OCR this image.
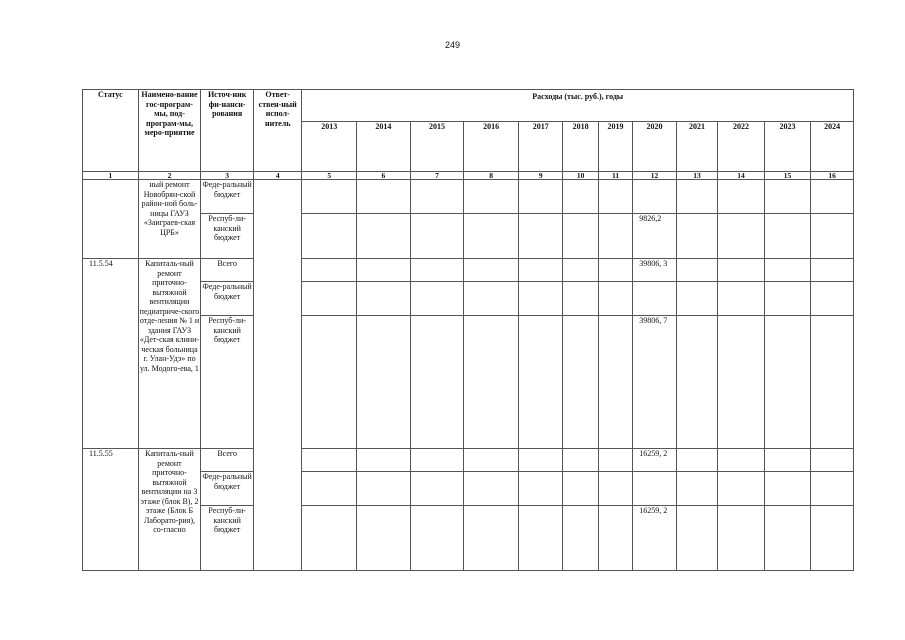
249
Статус	Наимено-вание гос-програм-мы, под-програм-мы, меро-приятие	Источ-ник фи-нанси-рования	Ответ-ствен-ный испол-нитель	Расходы (тыс. руб.), годы											
				2013	2014	2015	2016	2017	2018	2019	2020	2021	2022	2023	2024
1	2	3	4	5	6	7	8	9	10	11	12	13	14	15	16
	ный ремонт Новобрян-ской район-ной боль-ницы ГАУЗ «Заиграев-ская ЦРБ»	Феде-ральный бюджет													
		Респуб-ли-канский бюджет									9826,2				
11.5.54	Капиталь-ный ремонт приточно-вытяжной вентиляции педиатриче-ского отде-ления № 1 и здания ГАУЗ «Дет-ская клини-ческая больница г. Улан-Удэ» по ул. Модого-ева, 1	Всего									39806, 3				
		Феде-ральный бюджет													
		Респуб-ли-канский бюджет									39806, 7				
11.5.55	Капиталь-ный ремонт приточно-вытяжной вентиляции на 3 этаже (блок В), 2 этаже (Блок Б Лаборато-рия), со-гласно	Всего									16259, 2				
		Феде-ральный бюджет													
		Респуб-ли-канский бюджет									16259, 2				
